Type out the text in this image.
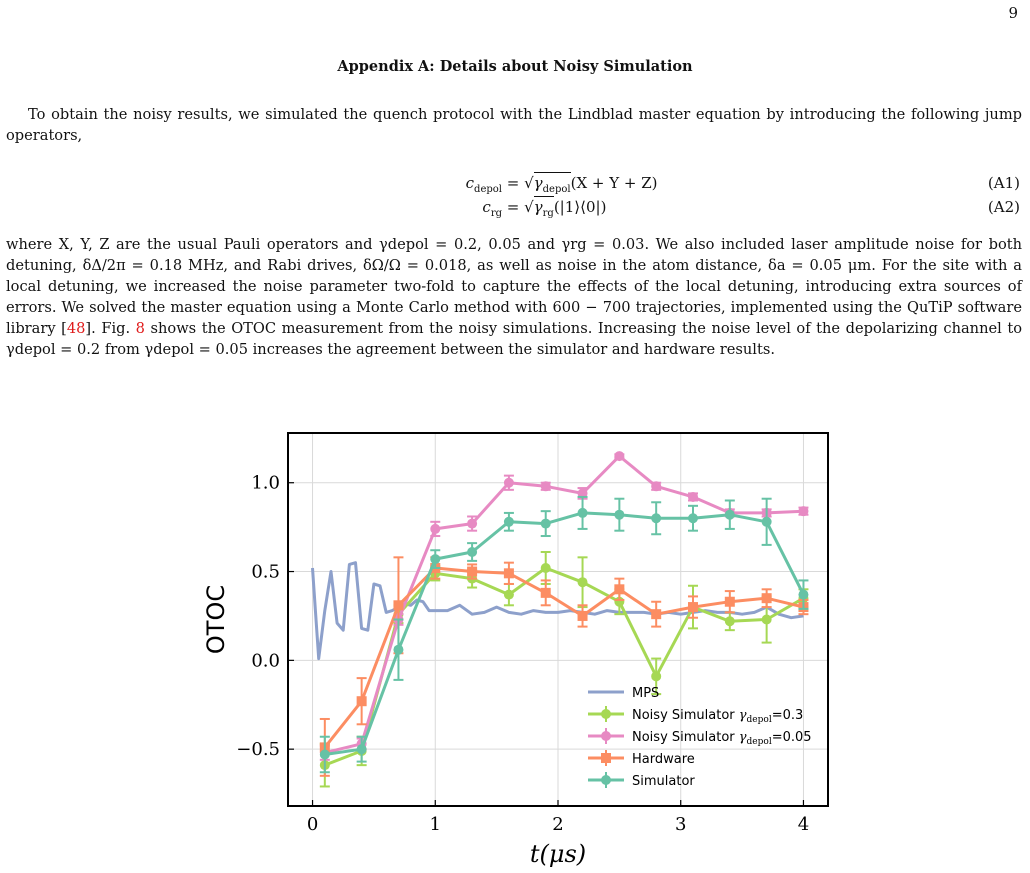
9
Appendix A: Details about Noisy Simulation

To obtain the noisy results, we simulated the quench protocol with the Lindblad master equation by introducing the following jump operators,

$c_{depol} = √\gamma_{depol}(X + Y + Z)$	(A1)
$c_{rg}$ = $√\gamma_{rg}(|1⟩⟨0|)$	(A2)

where X, Y, Z are the usual Pauli operators and γdepol = 0.2, 0.05 and γrg = 0.03. We also included laser amplitude noise for both detuning, δΔ/2π = 0.18 MHz, and Rabi drives, δΩ/Ω = 0.018, as well as noise in the atom distance, δa = 0.05 μm. For the site with a local detuning, we increased the noise parameter two-fold to capture the effects of the local detuning, introducing extra sources of errors. We solved the master equation using a Monte Carlo method with 600 − 700 trajectories, implemented using the QuTiP software library [48]. Fig. 8 shows the OTOC measurement from the noisy simulations. Increasing the noise level of the depolarizing channel to γdepol = 0.2 from γdepol = 0.05 increases the agreement between the simulator and hardware results.

0	1	2	3	4
−0.5
0.0
0.5
1.0
t(μs)
OTOC
MPS
Noisy Simulator $\gamma_{depol}=0.3$
Noisy Simulator $\gamma_{depol}=0.05$
Hardware
Simulator
